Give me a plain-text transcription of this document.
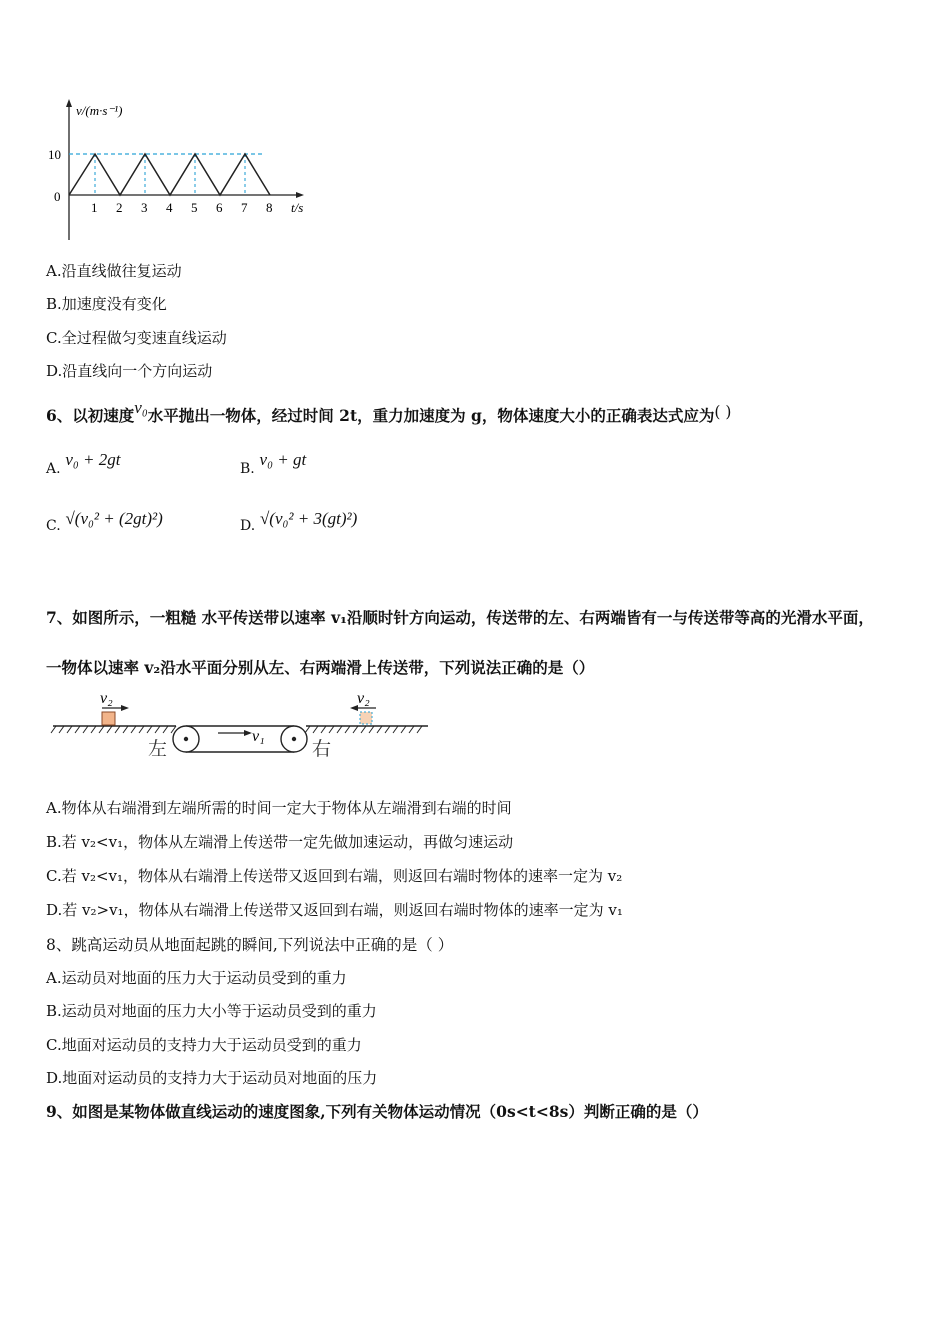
v/(m·s⁻¹)
10
0
1 2 3 4 5 6 7 8 t/s
A.沿直线做往复运动
B.加速度没有变化
C.全过程做匀变速直线运动
D.沿直线向一个方向运动
6、以初速度v₀水平抛出一物体，经过时间 2t，重力加速度为 g，物体速度大小的正确表达式应为( )
A. v₀ + 2gt	B. v₀ + gt
C. √(v₀² + (2gt)²)	D. √(v₀² + 3(gt)²)
7、如图所示，一粗糙 水平传送带以速率 v₁沿顺时针方向运动，传送带的左、右两端皆有一与传送带等高的光滑水平面，
一物体以速率 v₂沿水平面分别从左、右两端滑上传送带，下列说法正确的是（）
v₁
v₂	v₂
左	右
A.物体从右端滑到左端所需的时间一定大于物体从左端滑到右端的时间
B.若 v₂<v₁，物体从左端滑上传送带一定先做加速运动，再做匀速运动
C.若 v₂<v₁，物体从右端滑上传送带又返回到右端，则返回右端时物体的速率一定为 v₂
D.若 v₂>v₁，物体从右端滑上传送带又返回到右端，则返回右端时物体的速率一定为 v₁
8、跳高运动员从地面起跳的瞬间,下列说法中正确的是（ ）
A.运动员对地面的压力大于运动员受到的重力
B.运动员对地面的压力大小等于运动员受到的重力
C.地面对运动员的支持力大于运动员受到的重力
D.地面对运动员的支持力大于运动员对地面的压力
9、如图是某物体做直线运动的速度图象,下列有关物体运动情况（0s<t<8s）判断正确的是（）
